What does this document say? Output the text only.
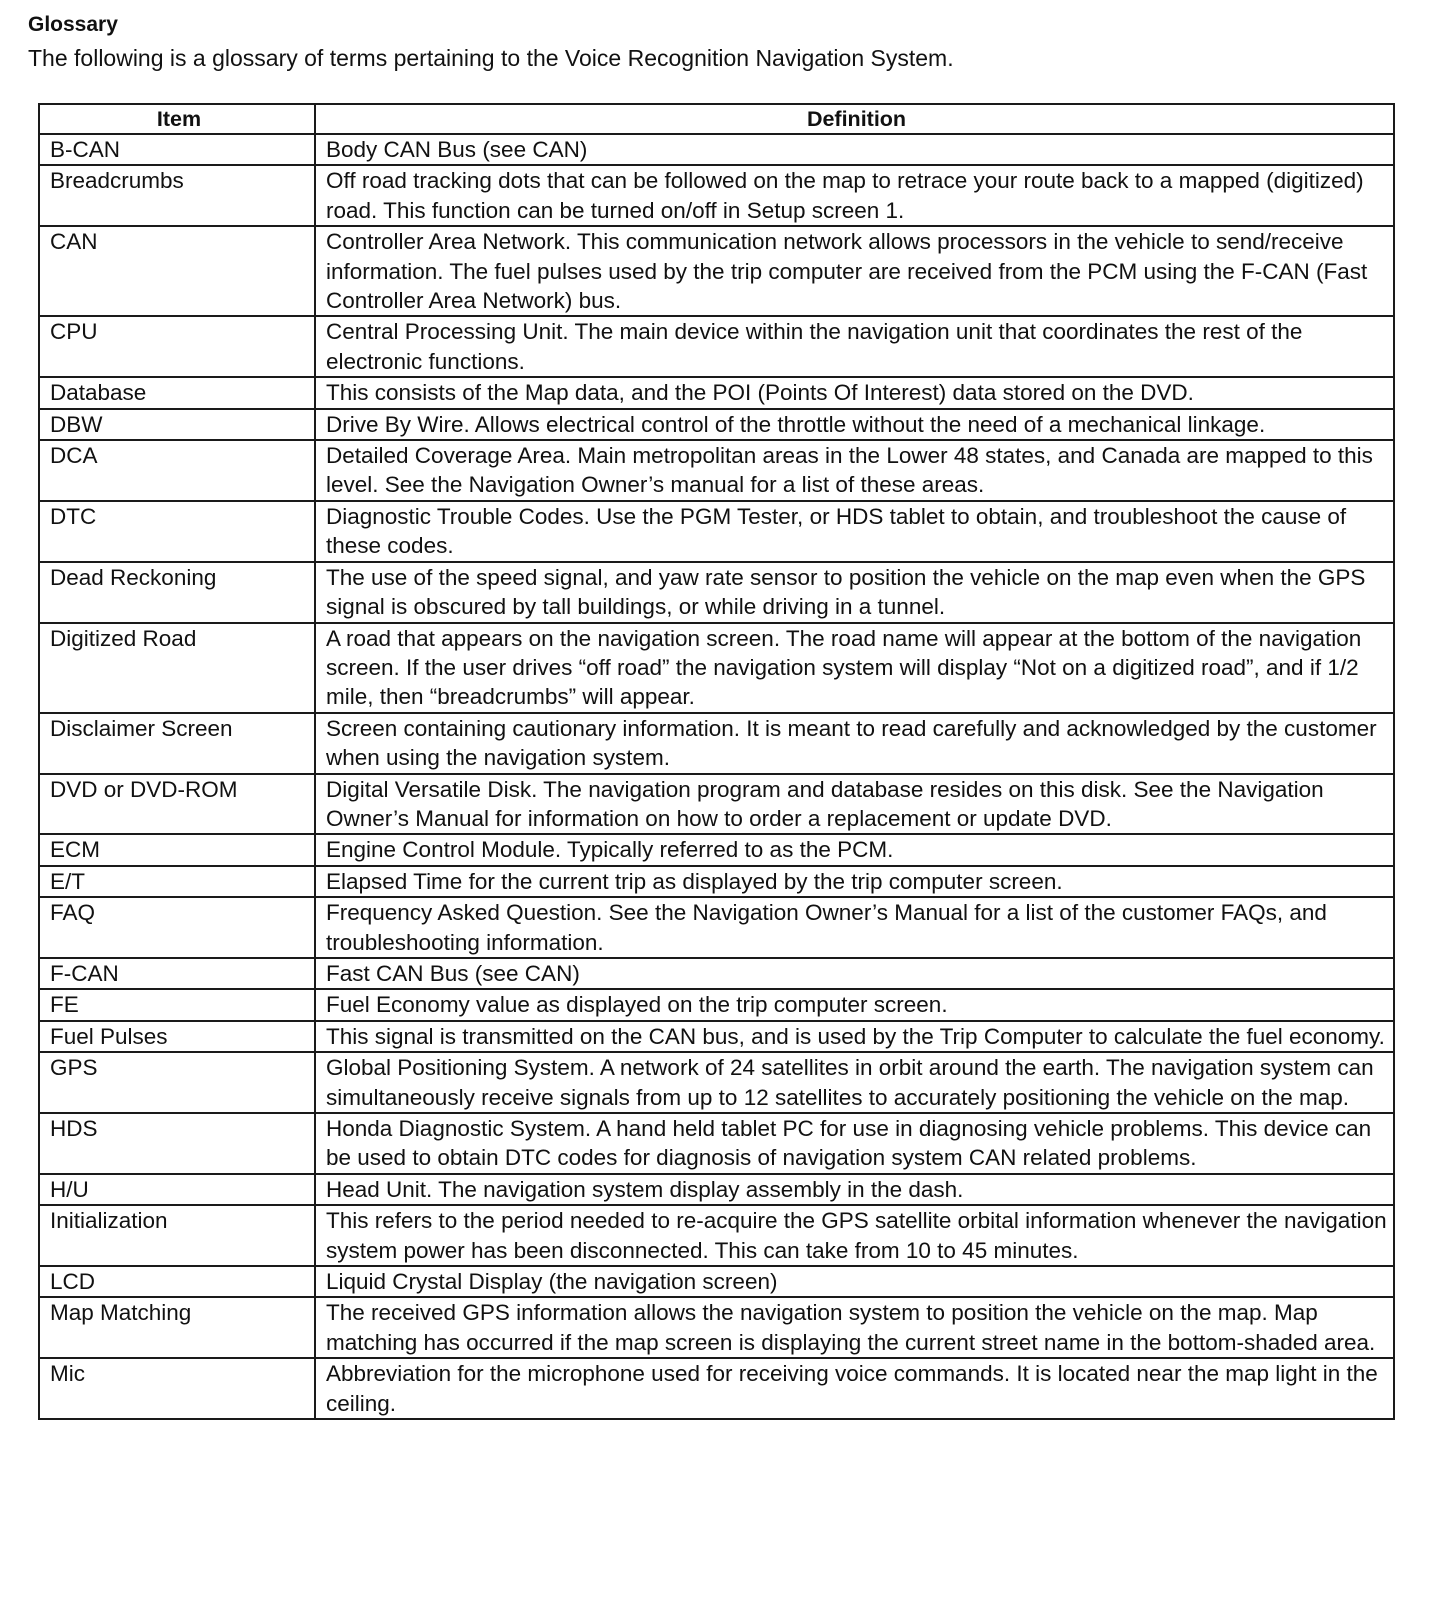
Glossary
The following is a glossary of terms pertaining to the Voice Recognition Navigation System.
Item	Definition
B-CAN	Body CAN Bus (see CAN)
Breadcrumbs	Off road tracking dots that can be followed on the map to retrace your route back to a mapped (digitized) road. This function can be turned on/off in Setup screen 1.
CAN	Controller Area Network. This communication network allows processors in the vehicle to send/receive information. The fuel pulses used by the trip computer are received from the PCM using the F-CAN (Fast Controller Area Network) bus.
CPU	Central Processing Unit. The main device within the navigation unit that coordinates the rest of the electronic functions.
Database	This consists of the Map data, and the POI (Points Of Interest) data stored on the DVD.
DBW	Drive By Wire. Allows electrical control of the throttle without the need of a mechanical linkage.
DCA	Detailed Coverage Area. Main metropolitan areas in the Lower 48 states, and Canada are mapped to this level. See the Navigation Owner’s manual for a list of these areas.
DTC	Diagnostic Trouble Codes. Use the PGM Tester, or HDS tablet to obtain, and troubleshoot the cause of these codes.
Dead Reckoning	The use of the speed signal, and yaw rate sensor to position the vehicle on the map even when the GPS signal is obscured by tall buildings, or while driving in a tunnel.
Digitized Road	A road that appears on the navigation screen. The road name will appear at the bottom of the navigation screen. If the user drives “off road” the navigation system will display “Not on a digitized road”, and if 1/2 mile, then “breadcrumbs” will appear.
Disclaimer Screen	Screen containing cautionary information. It is meant to read carefully and acknowledged by the customer when using the navigation system.
DVD or DVD-ROM	Digital Versatile Disk. The navigation program and database resides on this disk. See the Navigation Owner’s Manual for information on how to order a replacement or update DVD.
ECM	Engine Control Module. Typically referred to as the PCM.
E/T	Elapsed Time for the current trip as displayed by the trip computer screen.
FAQ	Frequency Asked Question. See the Navigation Owner’s Manual for a list of the customer FAQs, and troubleshooting information.
F-CAN	Fast CAN Bus (see CAN)
FE	Fuel Economy value as displayed on the trip computer screen.
Fuel Pulses	This signal is transmitted on the CAN bus, and is used by the Trip Computer to calculate the fuel economy.
GPS	Global Positioning System. A network of 24 satellites in orbit around the earth. The navigation system can simultaneously receive signals from up to 12 satellites to accurately positioning the vehicle on the map.
HDS	Honda Diagnostic System. A hand held tablet PC for use in diagnosing vehicle problems. This device can be used to obtain DTC codes for diagnosis of navigation system CAN related problems.
H/U	Head Unit. The navigation system display assembly in the dash.
Initialization	This refers to the period needed to re-acquire the GPS satellite orbital information whenever the navigation system power has been disconnected. This can take from 10 to 45 minutes.
LCD	Liquid Crystal Display (the navigation screen)
Map Matching	The received GPS information allows the navigation system to position the vehicle on the map. Map matching has occurred if the map screen is displaying the current street name in the bottom-shaded area.
Mic	Abbreviation for the microphone used for receiving voice commands. It is located near the map light in the ceiling.
